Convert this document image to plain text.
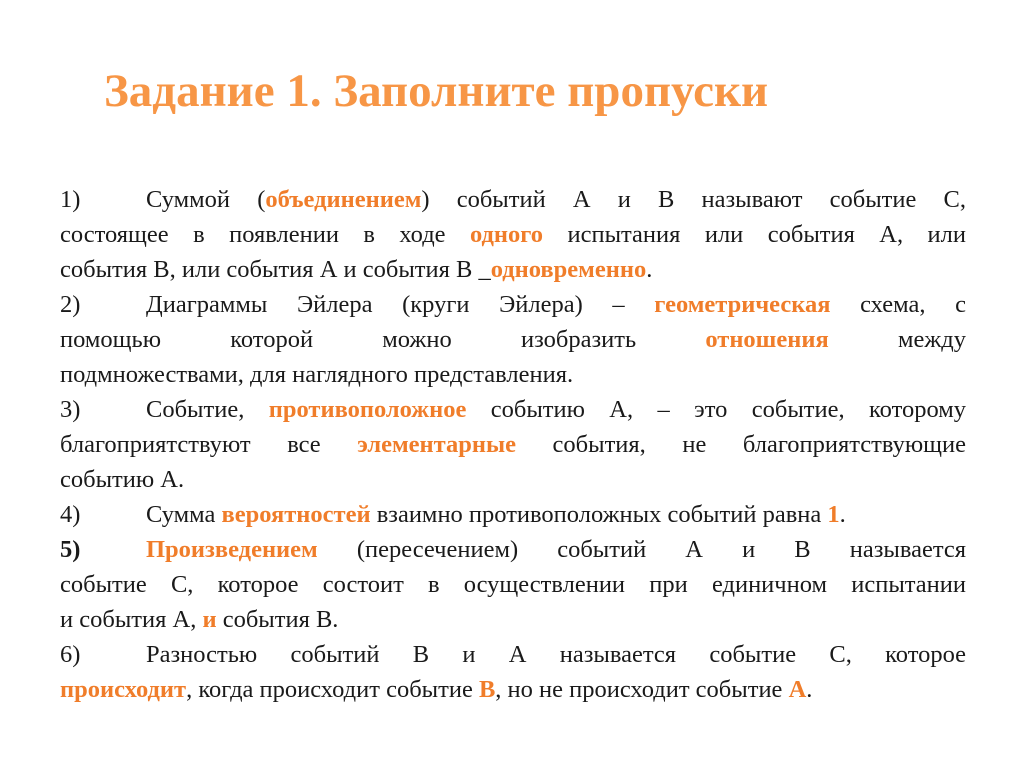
Задание 1. Заполните пропуски
1)	Суммой (объединением) событий А и В называют событие С,
состоящее в появлении в ходе одного испытания или события А, или
события В, или события А и события В _одновременно.
2)	Диаграммы Эйлера (круги Эйлера) – геометрическая схема, с
помощью которой можно изобразить отношения между
подмножествами, для наглядного представления.
3)	Событие, противоположное событию А, – это событие, которому
благоприятствуют все элементарные события, не благоприятствующие
событию А.
4)	Сумма вероятностей взаимно противоположных событий равна 1.
5)	Произведением (пересечением) событий А и В называется
событие С, которое состоит в осуществлении при единичном испытании
и события А, и события В.
6)	Разностью событий В и А называется событие С, которое
происходит, когда происходит событие В, но не происходит событие А.
